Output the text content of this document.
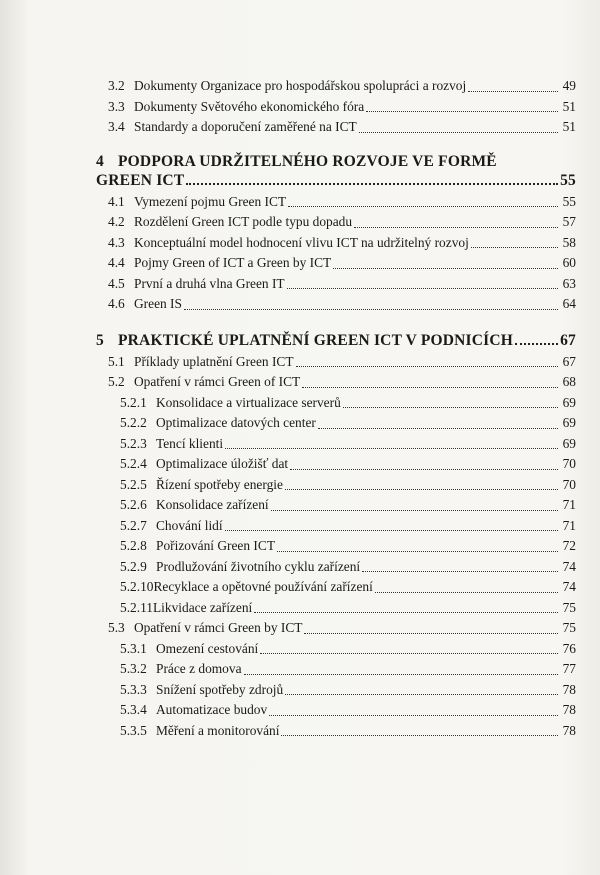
3.2 Dokumenty Organizace pro hospodářskou spolupráci a rozvoj	49
3.3 Dokumenty Světového ekonomického fóra	51
3.4 Standardy a doporučení zaměřené na ICT	51
4 PODPORA UDRŽITELNÉHO ROZVOJE VE FORMĚ
GREEN ICT	55
4.1 Vymezení pojmu Green ICT	55
4.2 Rozdělení Green ICT podle typu dopadu	57
4.3 Konceptuální model hodnocení vlivu ICT na udržitelný rozvoj	58
4.4 Pojmy Green of ICT a Green by ICT	60
4.5 První a druhá vlna Green IT	63
4.6 Green IS	64
5 PRAKTICKÉ UPLATNĚNÍ GREEN ICT V PODNICÍCH	67
5.1 Příklady uplatnění Green ICT	67
5.2 Opatření v rámci Green of ICT	68
5.2.1 Konsolidace a virtualizace serverů	69
5.2.2 Optimalizace datových center	69
5.2.3 Tencí klienti	69
5.2.4 Optimalizace úložišť dat	70
5.2.5 Řízení spotřeby energie	70
5.2.6 Konsolidace zařízení	71
5.2.7 Chování lidí	71
5.2.8 Pořizování Green ICT	72
5.2.9 Prodlužování životního cyklu zařízení	74
5.2.10 Recyklace a opětovné používání zařízení	74
5.2.11 Likvidace zařízení	75
5.3 Opatření v rámci Green by ICT	75
5.3.1 Omezení cestování	76
5.3.2 Práce z domova	77
5.3.3 Snížení spotřeby zdrojů	78
5.3.4 Automatizace budov	78
5.3.5 Měření a monitorování	78
